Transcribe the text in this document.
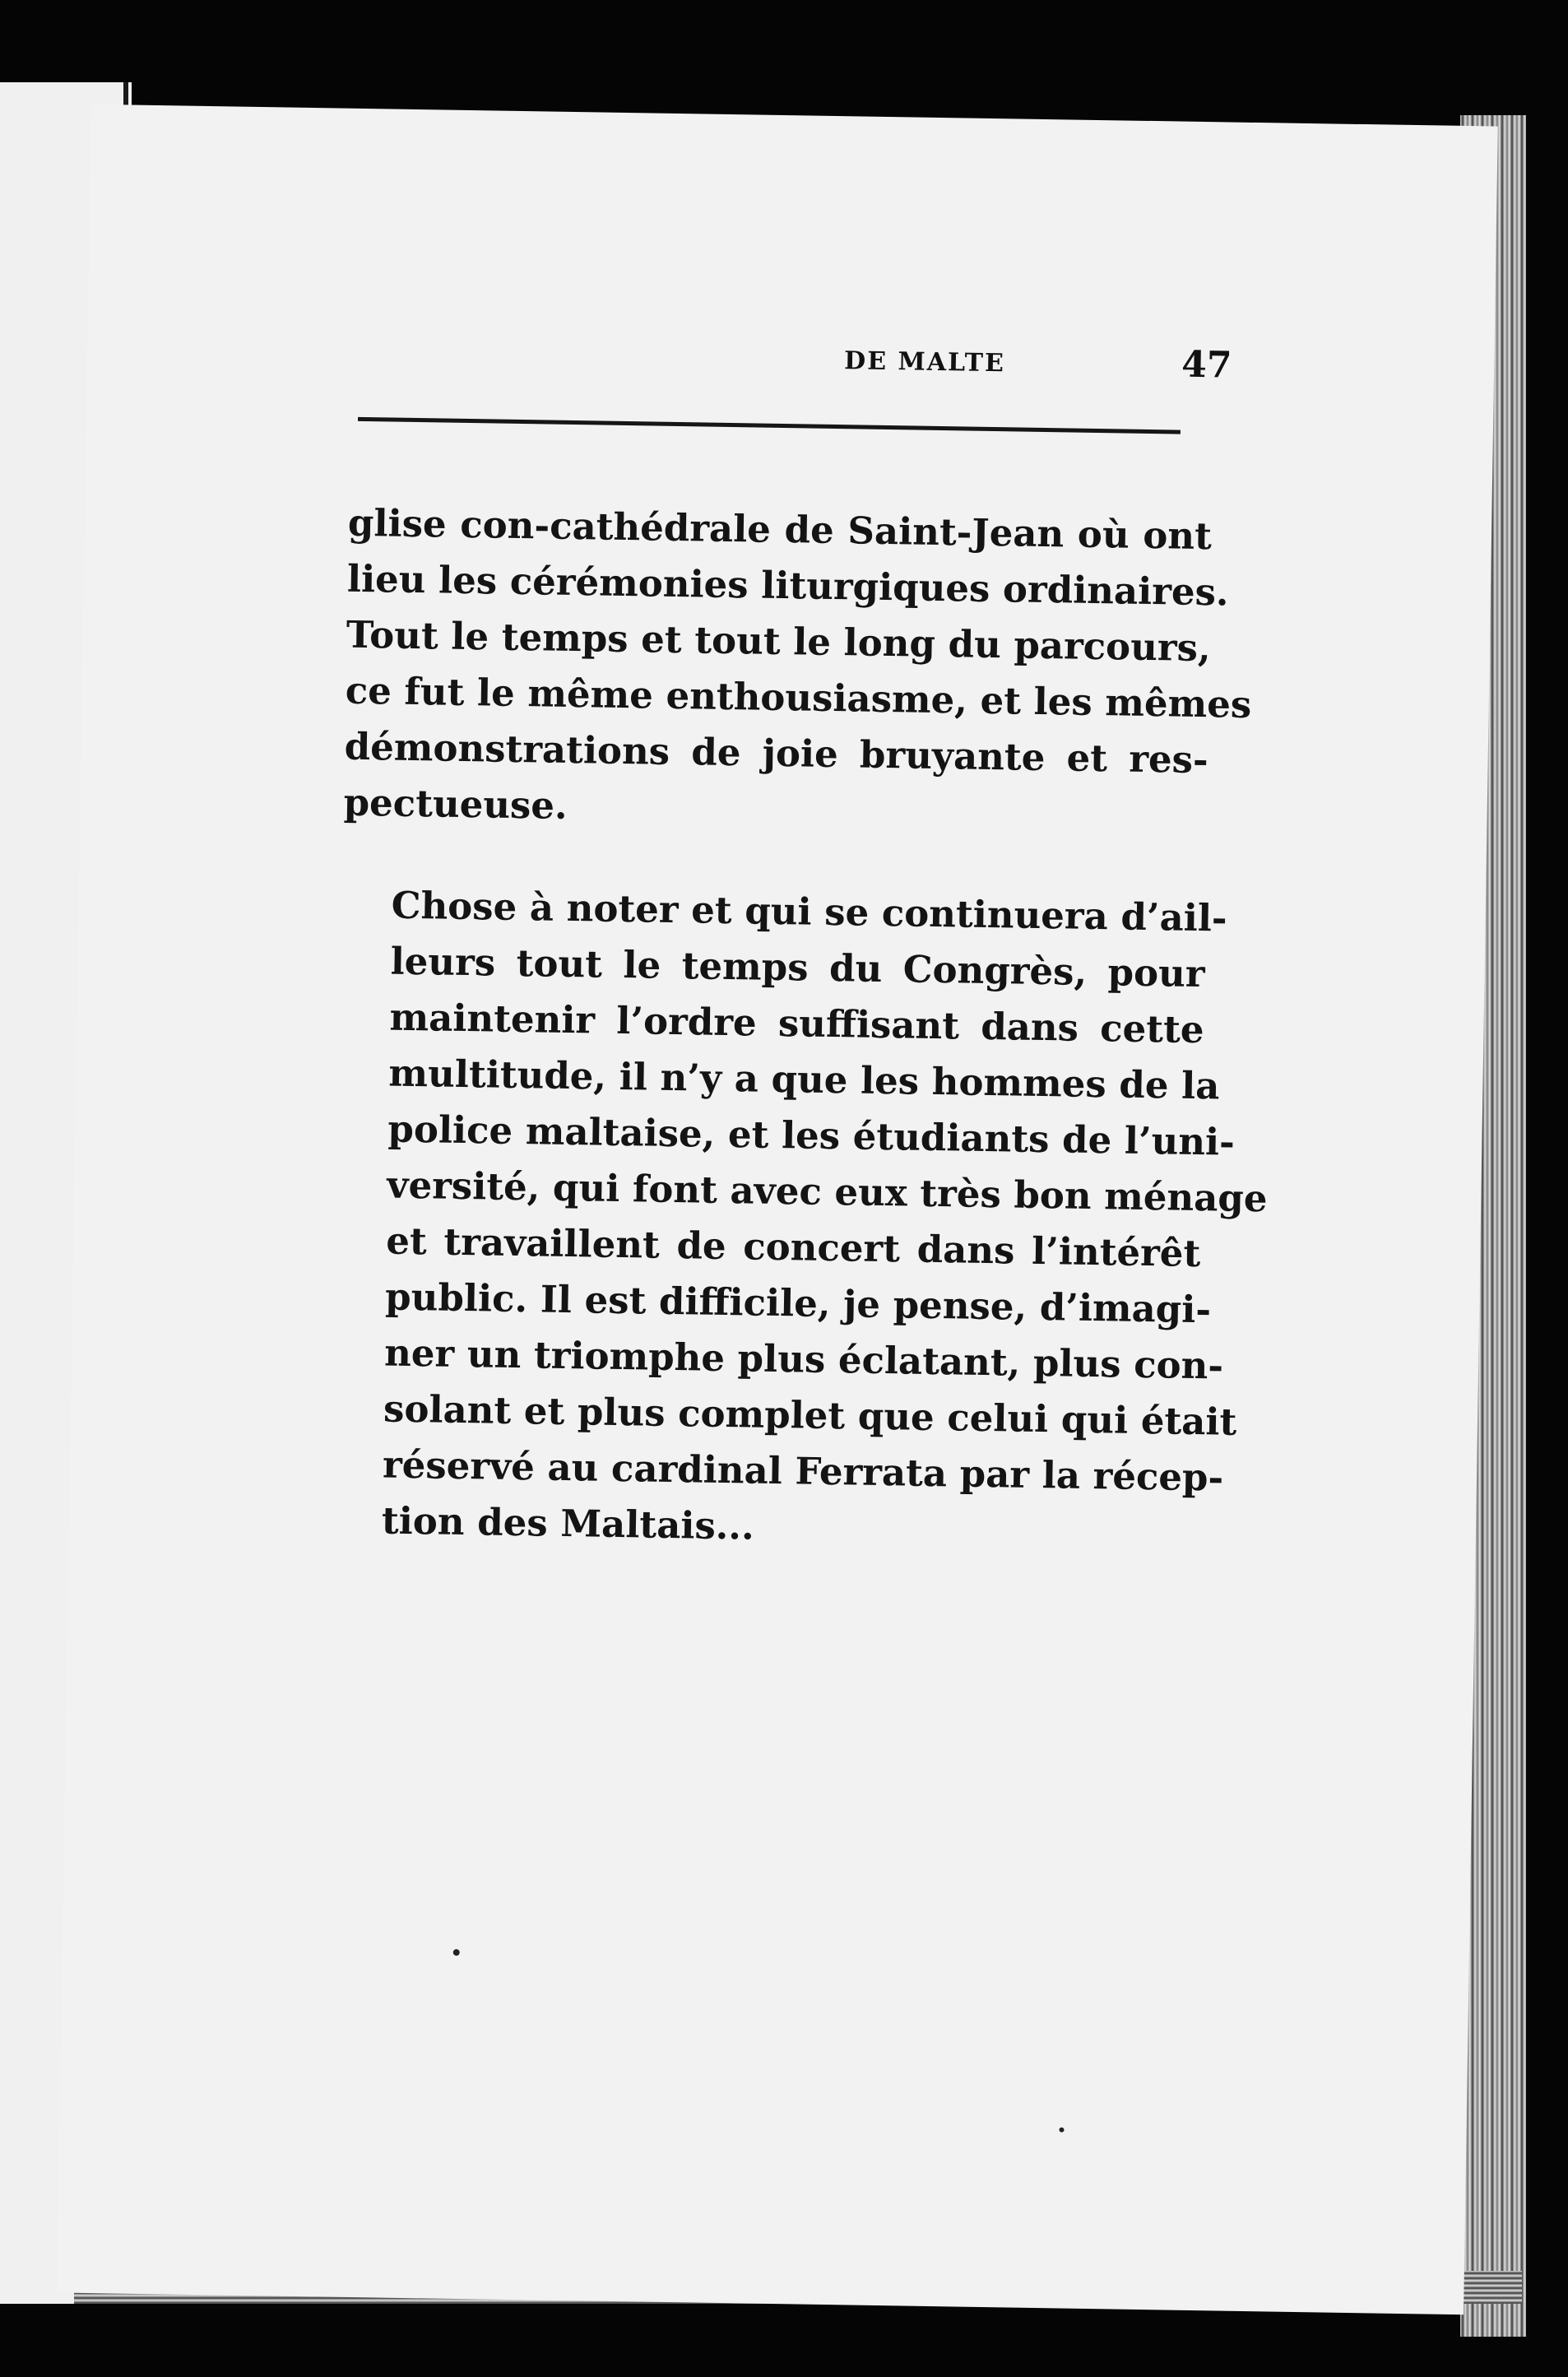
DE MALTE	47

glise con-cathédrale de Saint-Jean où ont
lieu les cérémonies liturgiques ordinaires.
Tout le temps et tout le long du parcours,
ce fut le même enthousiasme, et les mêmes
démonstrations de joie bruyante et res-
pectueuse.

Chose à noter et qui se continuera d’ail-
leurs tout le temps du Congrès, pour
maintenir l’ordre suffisant dans cette
multitude, il n’y a que les hommes de la
police maltaise, et les étudiants de l’uni-
versité, qui font avec eux très bon ménage
et travaillent de concert dans l’intérêt
public. Il est difficile, je pense, d’imagi-
ner un triomphe plus éclatant, plus con-
solant et plus complet que celui qui était
réservé au cardinal Ferrata par la récep-
tion des Maltais...
